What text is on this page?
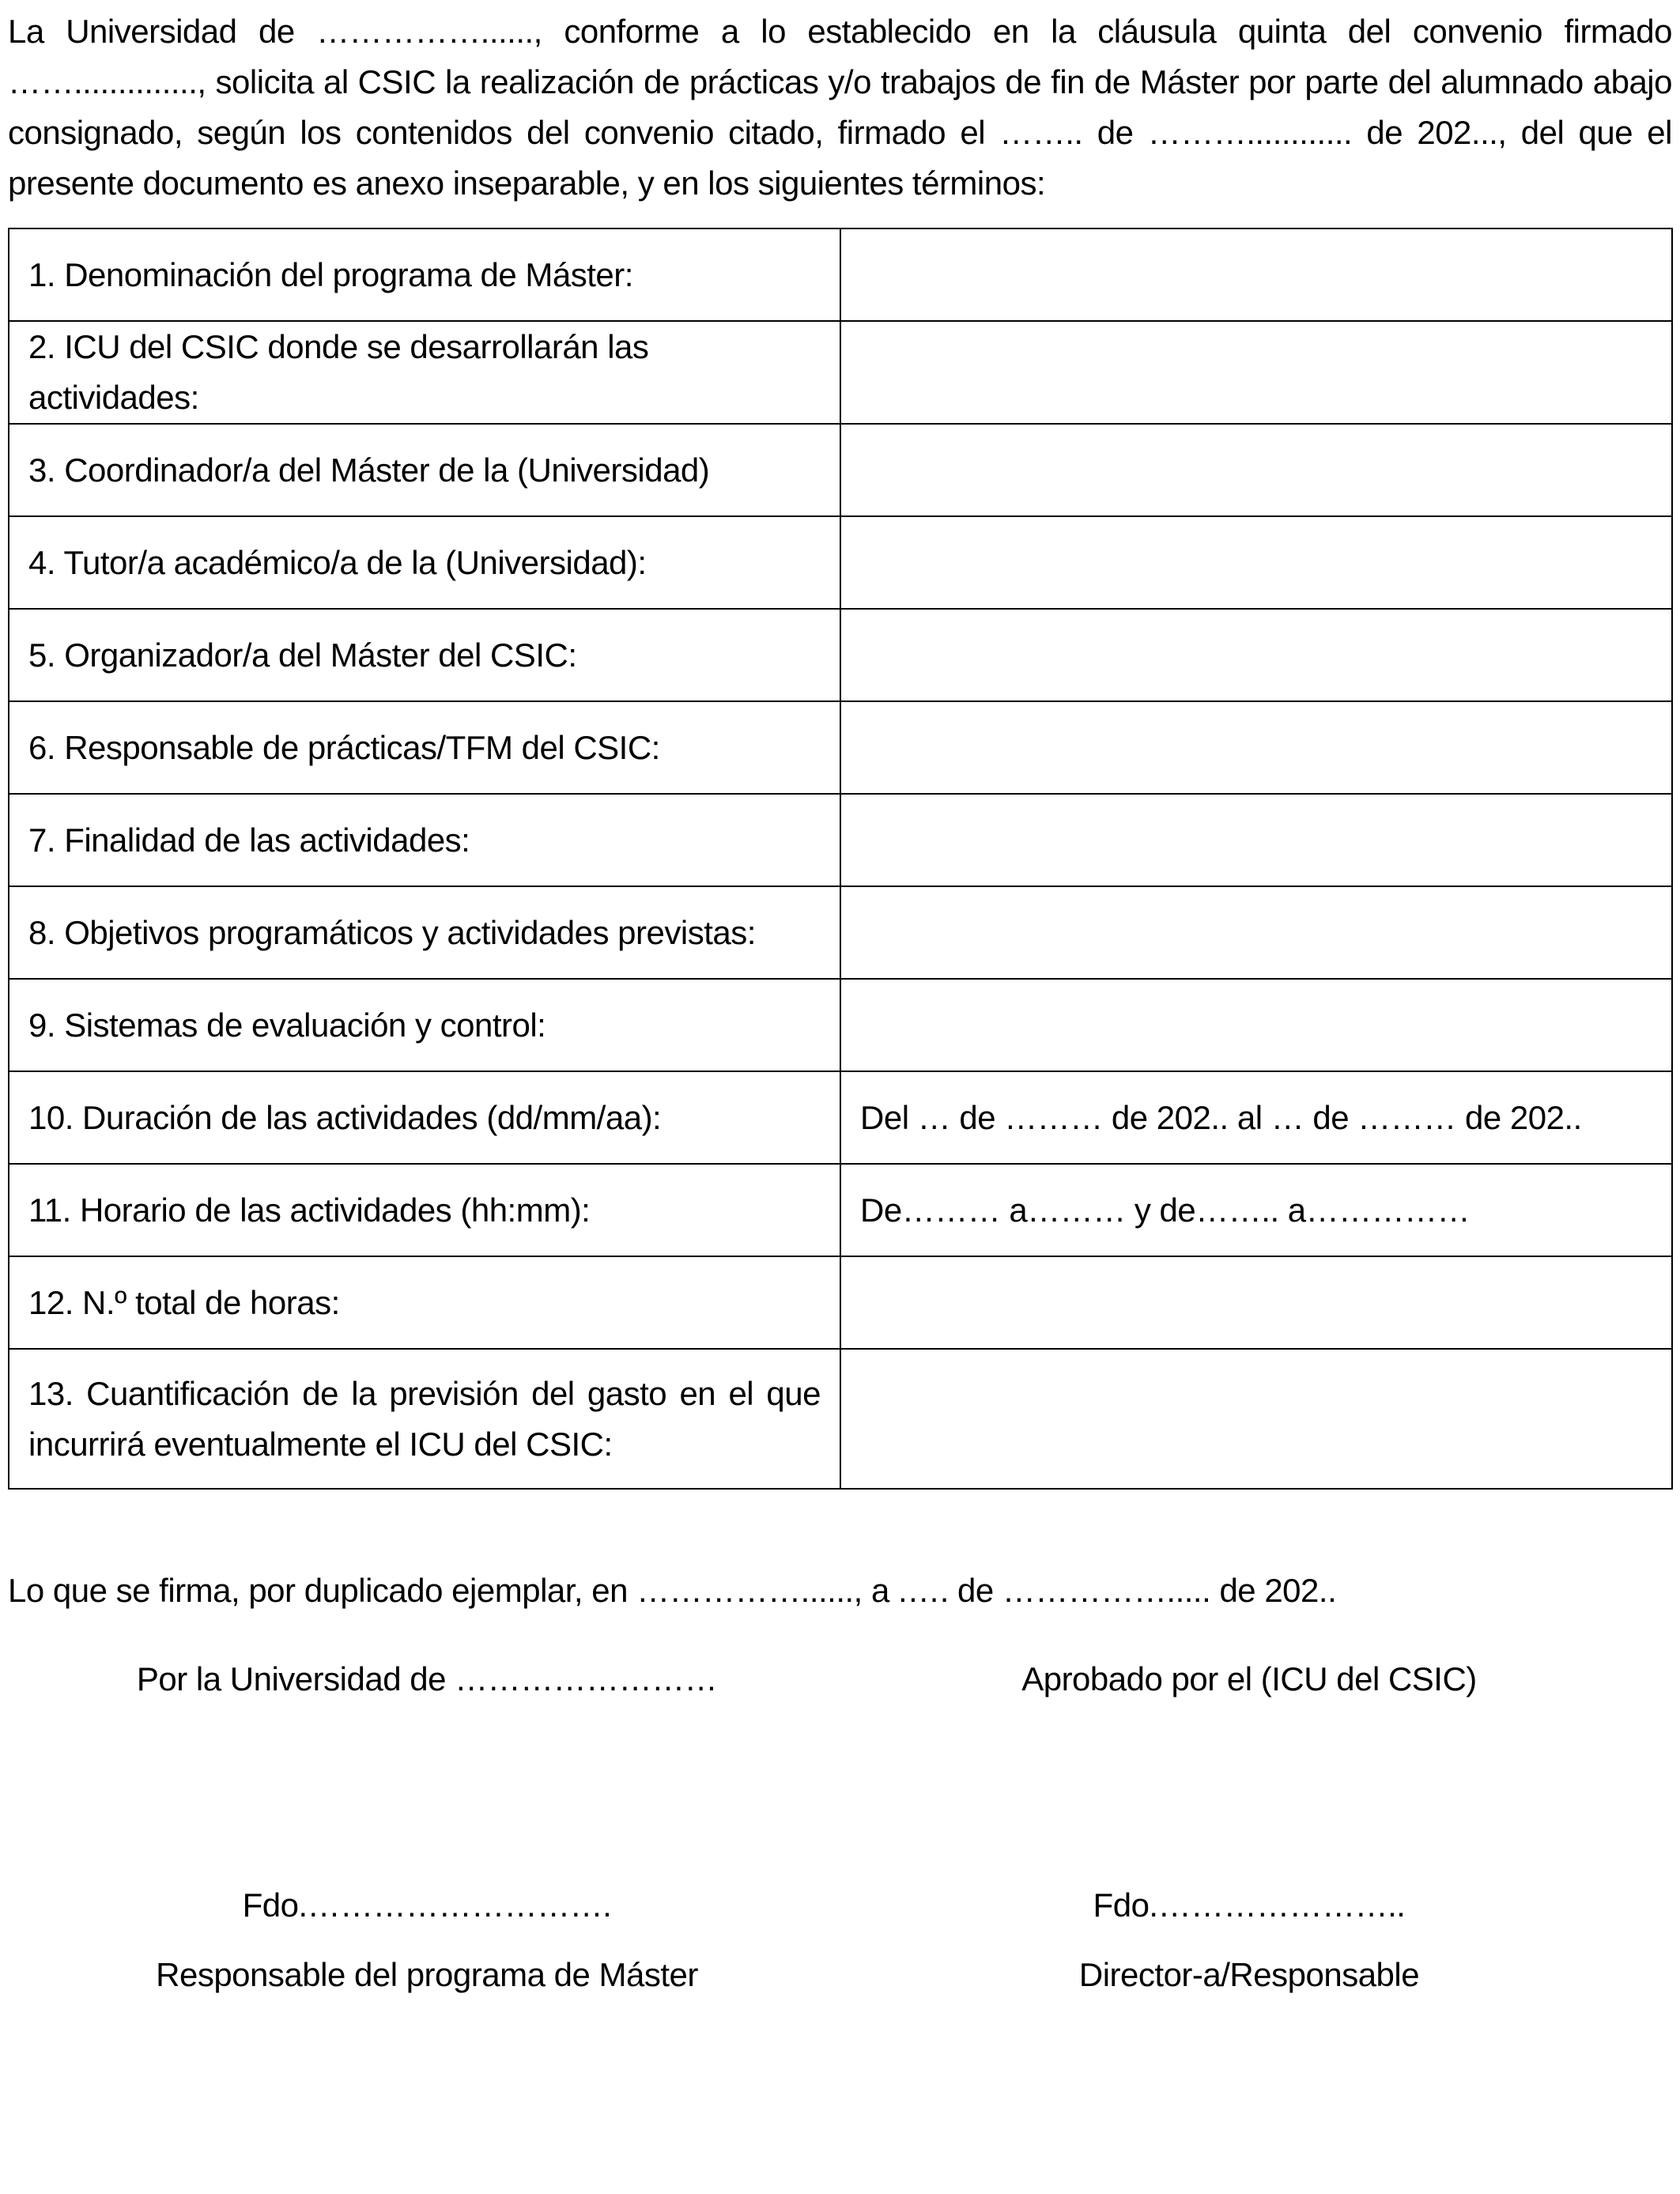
La Universidad de ……………......, conforme a lo establecido en la cláusula quinta del convenio firmado …….............., solicita al CSIC la realización de prácticas y/o trabajos de fin de Máster por parte del alumnado abajo consignado, según los contenidos del convenio citado, firmado el …….. de ………............ de 202..., del que el presente documento es anexo inseparable, y en los siguientes términos:

1. Denominación del programa de Máster:	
2. ICU del CSIC donde se desarrollarán las actividades:	
3. Coordinador/a del Máster de la (Universidad)	
4. Tutor/a académico/a de la (Universidad):	
5. Organizador/a del Máster del CSIC:	
6. Responsable de prácticas/TFM del CSIC:	
7. Finalidad de las actividades:	
8. Objetivos programáticos y actividades previstas:	
9. Sistemas de evaluación y control:	
10. Duración de las actividades (dd/mm/aa):	Del … de ……… de 202.. al … de ……… de 202..
11. Horario de las actividades (hh:mm):	De……… a……… y de…….. a……………
12. N.º total de horas:	
13. Cuantificación de la previsión del gasto en el que incurrirá eventualmente el ICU del CSIC:	

Lo que se firma, por duplicado ejemplar, en ……………......, a .…. de ……………..... de 202..

Por la Universidad de ……………………	Aprobado por el (ICU del CSIC)

Fdo.……………………….	Fdo.…………………..

Responsable del programa de Máster	Director-a/Responsable
